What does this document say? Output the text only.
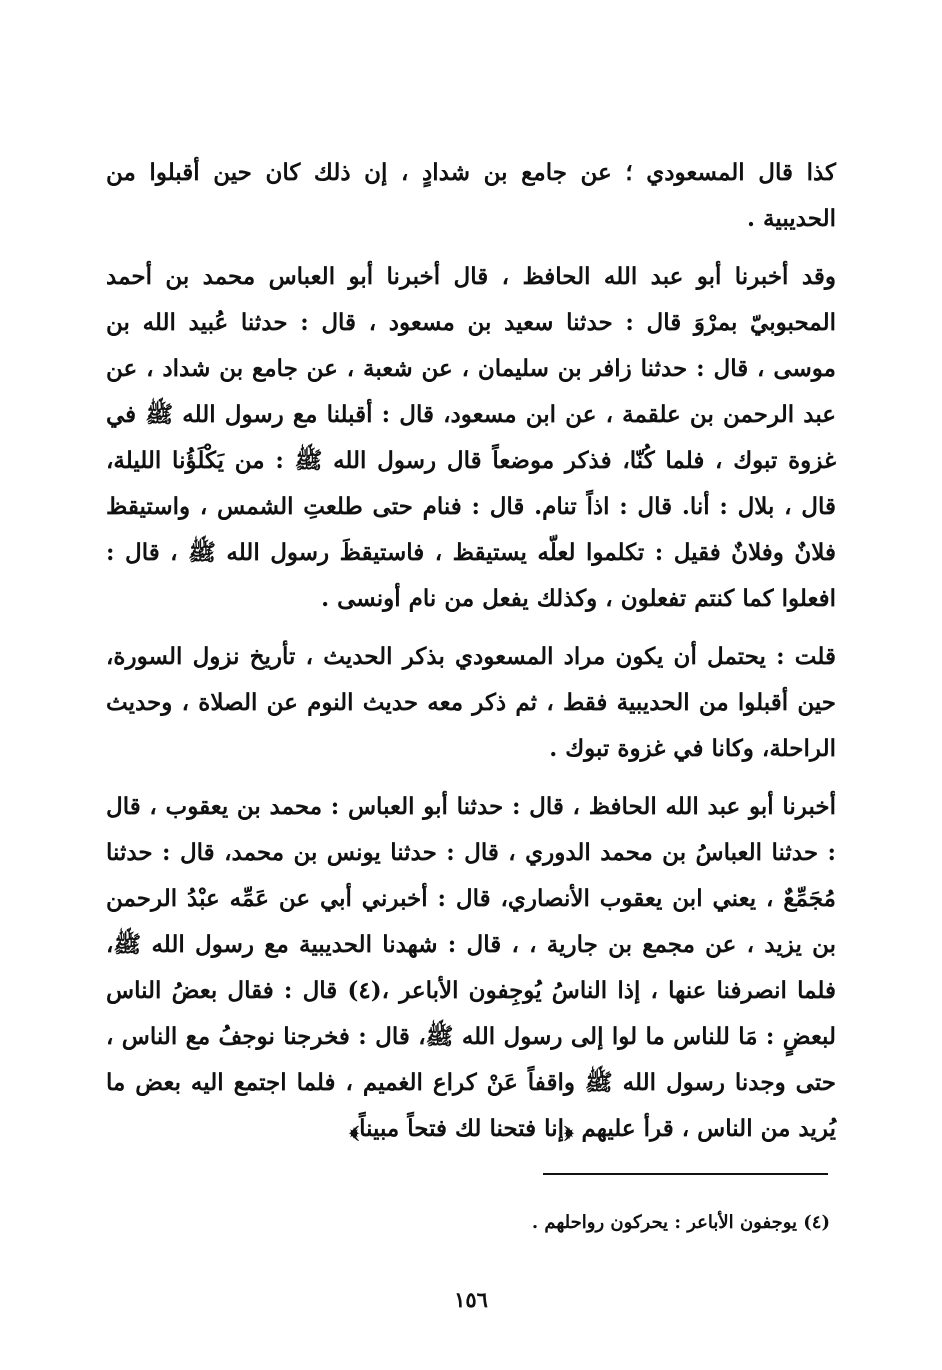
كذا قال المسعودي ؛ عن جامع بن شدادٍ ، إن ذلك كان حين أقبلوا من الحديبية .

وقد أخبرنا أبو عبد الله الحافظ ، قال أخبرنا أبو العباس محمد بن أحمد المحبوبيّ بمرْوَ قال : حدثنا سعيد بن مسعود ، قال : حدثنا عُبيد الله بن موسى ، قال : حدثنا زافر بن سليمان ، عن شعبة ، عن جامع بن شداد ، عن عبد الرحمن بن علقمة ، عن ابن مسعود، قال : أقبلنا مع رسول الله ﷺ في غزوة تبوك ، فلما كُنّا، فذكر موضعاً قال رسول الله ﷺ : من يَكْلَؤُنا الليلة، قال ، بلال : أنا. قال : اذاً تنام. قال : فنام حتى طلعتِ الشمس ، واستيقظ فلانٌ وفلانٌ فقيل : تكلموا لعلّه يستيقظ ، فاستيقظَ رسول الله ﷺ ، قال : افعلوا كما كنتم تفعلون ، وكذلك يفعل من نام أونسى .

قلت : يحتمل أن يكون مراد المسعودي بذكر الحديث ، تأريخ نزول السورة، حين أقبلوا من الحديبية فقط ، ثم ذكر معه حديث النوم عن الصلاة ، وحديث الراحلة، وكانا في غزوة تبوك .

أخبرنا أبو عبد الله الحافظ ، قال : حدثنا أبو العباس : محمد بن يعقوب ، قال : حدثنا العباسُ بن محمد الدوري ، قال : حدثنا يونس بن محمد، قال : حدثنا مُجَمِّعٌ ، يعني ابن يعقوب الأنصاري، قال : أخبرني أبي عن عَمِّه عبْدُ الرحمن بن يزيد ، عن مجمع بن جارية ، ، قال : شهدنا الحديبية مع رسول الله ﷺ، فلما انصرفنا عنها ، إذا الناسُ يُوجِفون الأباعر ،(٤) قال : فقال بعضُ الناس لبعضٍ : مَا للناس ما لوا إلى رسول الله ﷺ، قال : فخرجنا نوجفُ مع الناس ، حتى وجدنا رسول الله ﷺ واقفاً عَنْ كراع الغميم ، فلما اجتمع اليه بعض ما يُريد من الناس ، قرأ عليهم ﴿إنا فتحنا لك فتحاً مبيناً﴾

(٤) يوجفون الأباعر : يحركون رواحلهم .
١٥٦
